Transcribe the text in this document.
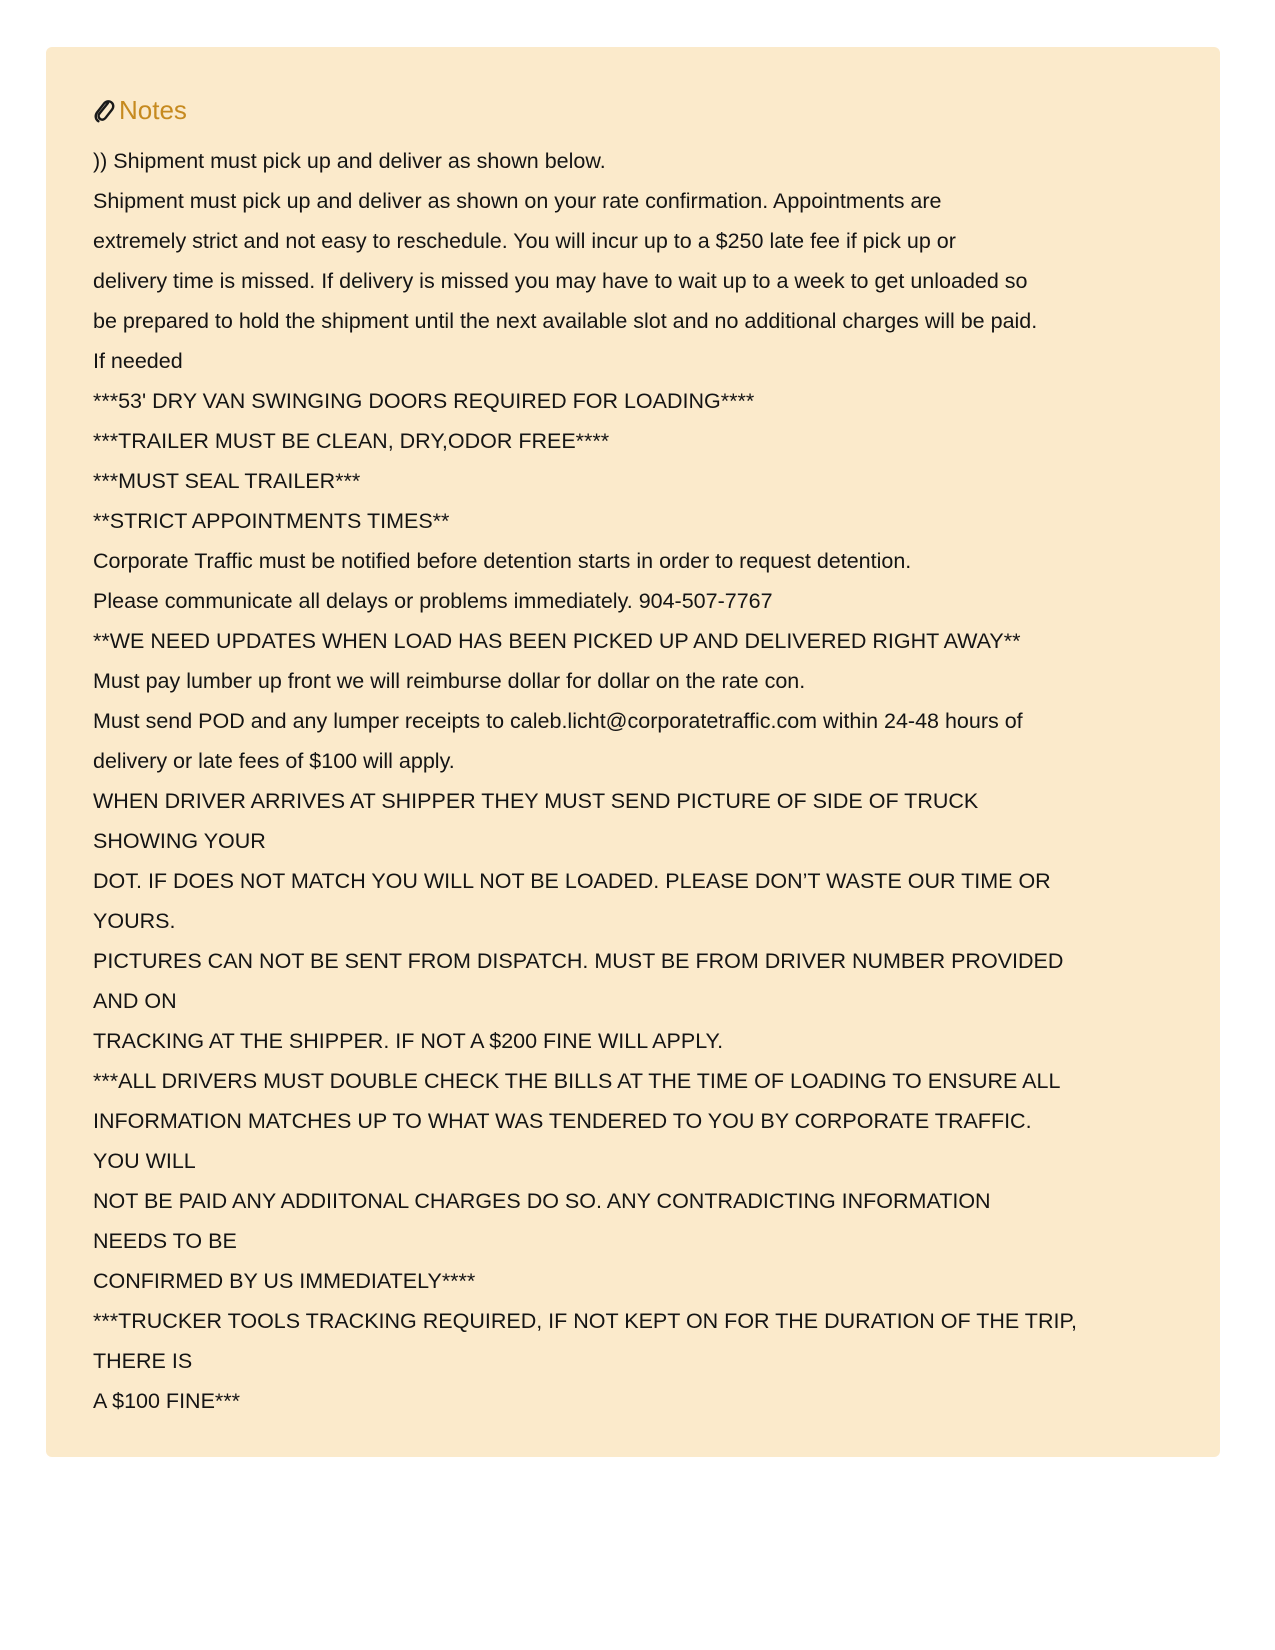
Notes
)) Shipment must pick up and deliver as shown below.
Shipment must pick up and deliver as shown on your rate confirmation. Appointments are
extremely strict and not easy to reschedule. You will incur up to a $250 late fee if pick up or
delivery time is missed. If delivery is missed you may have to wait up to a week to get unloaded so
be prepared to hold the shipment until the next available slot and no additional charges will be paid.
If needed
***53' DRY VAN SWINGING DOORS REQUIRED FOR LOADING****
***TRAILER MUST BE CLEAN, DRY,ODOR FREE****
***MUST SEAL TRAILER***
**STRICT APPOINTMENTS TIMES**
Corporate Traffic must be notified before detention starts in order to request detention.
Please communicate all delays or problems immediately. 904-507-7767
**WE NEED UPDATES WHEN LOAD HAS BEEN PICKED UP AND DELIVERED RIGHT AWAY**
Must pay lumber up front we will reimburse dollar for dollar on the rate con.
Must send POD and any lumper receipts to caleb.licht@corporatetraffic.com within 24-48 hours of
delivery or late fees of $100 will apply.
WHEN DRIVER ARRIVES AT SHIPPER THEY MUST SEND PICTURE OF SIDE OF TRUCK
SHOWING YOUR
DOT. IF DOES NOT MATCH YOU WILL NOT BE LOADED. PLEASE DON’T WASTE OUR TIME OR
YOURS.
PICTURES CAN NOT BE SENT FROM DISPATCH. MUST BE FROM DRIVER NUMBER PROVIDED
AND ON
TRACKING AT THE SHIPPER. IF NOT A $200 FINE WILL APPLY.
***ALL DRIVERS MUST DOUBLE CHECK THE BILLS AT THE TIME OF LOADING TO ENSURE ALL
INFORMATION MATCHES UP TO WHAT WAS TENDERED TO YOU BY CORPORATE TRAFFIC.
YOU WILL
NOT BE PAID ANY ADDIITONAL CHARGES DO SO. ANY CONTRADICTING INFORMATION
NEEDS TO BE
CONFIRMED BY US IMMEDIATELY****
***TRUCKER TOOLS TRACKING REQUIRED, IF NOT KEPT ON FOR THE DURATION OF THE TRIP,
THERE IS
A $100 FINE***
